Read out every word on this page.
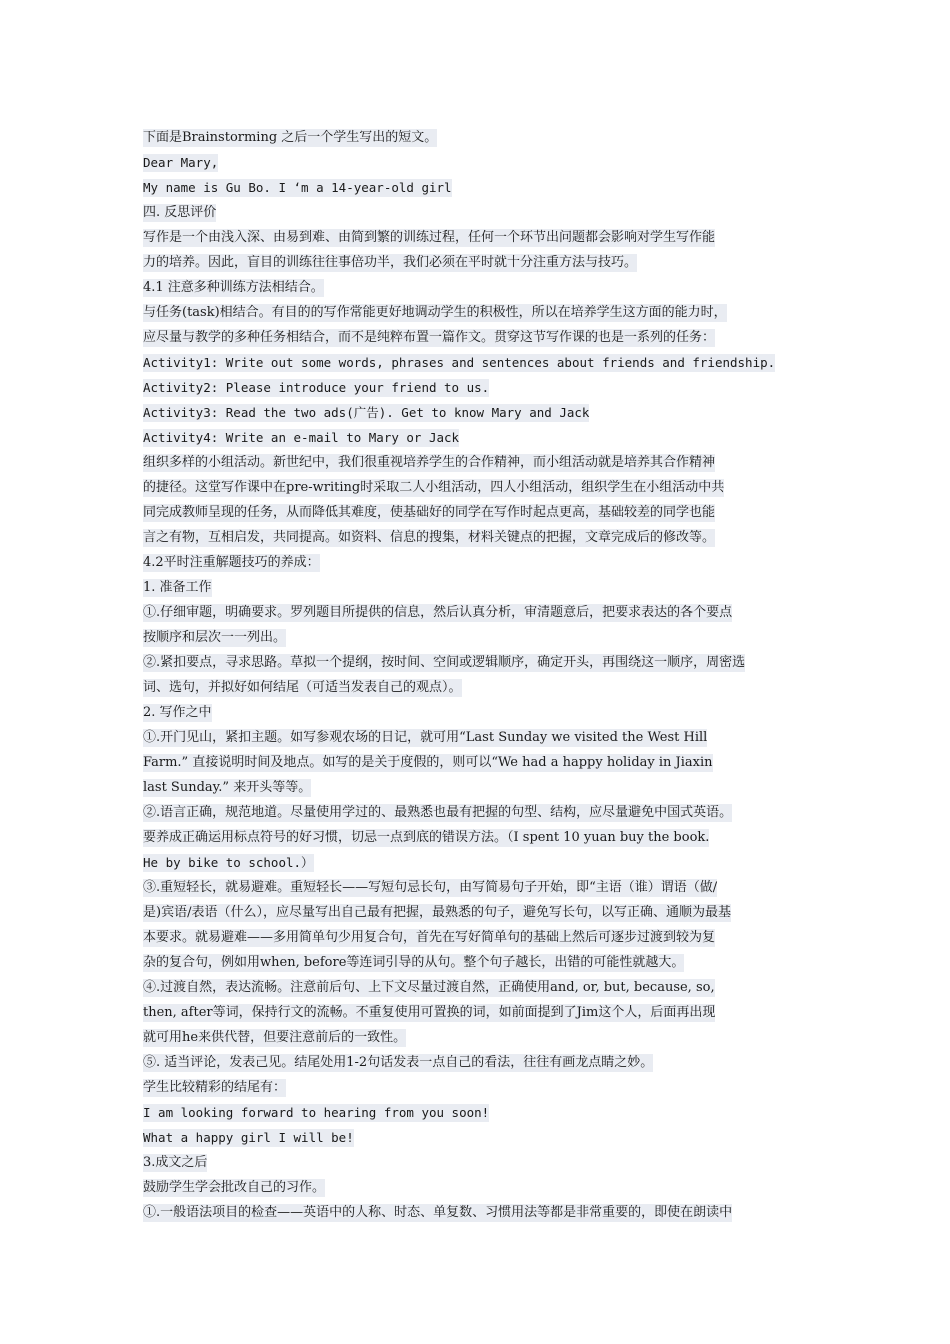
下面是Brainstorming 之后一个学生写出的短文。
Dear Mary,
My name is Gu Bo. I ‘m a 14-year-old girl
四. 反思评价
写作是一个由浅入深、由易到难、由简到繁的训练过程，任何一个环节出问题都会影响对学生写作能
力的培养。因此，盲目的训练往往事倍功半，我们必须在平时就十分注重方法与技巧。
4.1 注意多种训练方法相结合。
与任务(task)相结合。有目的的写作常能更好地调动学生的积极性，所以在培养学生这方面的能力时，
应尽量与教学的多种任务相结合，而不是纯粹布置一篇作文。贯穿这节写作课的也是一系列的任务：
Activity1: Write out some words, phrases and sentences about friends and friendship.
Activity2: Please introduce your friend to us.
Activity3: Read the two ads(广告). Get to know Mary and Jack
Activity4: Write an e-mail to Mary or Jack
组织多样的小组活动。新世纪中，我们很重视培养学生的合作精神，而小组活动就是培养其合作精神
的捷径。这堂写作课中在pre-writing时采取二人小组活动，四人小组活动，组织学生在小组活动中共
同完成教师呈现的任务，从而降低其难度，使基础好的同学在写作时起点更高，基础较差的同学也能
言之有物，互相启发，共同提高。如资料、信息的搜集，材料关键点的把握，文章完成后的修改等。
4.2平时注重解题技巧的养成：
1. 准备工作
①.仔细审题，明确要求。罗列题目所提供的信息，然后认真分析，审清题意后，把要求表达的各个要点
按顺序和层次一一列出。
②.紧扣要点，寻求思路。草拟一个提纲，按时间、空间或逻辑顺序，确定开头，再围绕这一顺序，周密选
词、选句，并拟好如何结尾（可适当发表自己的观点）。
2. 写作之中
①.开门见山，紧扣主题。如写参观农场的日记，就可用“Last Sunday we visited the West Hill
Farm.” 直接说明时间及地点。如写的是关于度假的，则可以“We had a happy holiday in Jiaxin
last Sunday.” 来开头等等。
②.语言正确，规范地道。尽量使用学过的、最熟悉也最有把握的句型、结构，应尽量避免中国式英语。
要养成正确运用标点符号的好习惯，切忌一点到底的错误方法。（I spent 10 yuan buy the book.
He by bike to school.）
③.重短轻长，就易避难。重短轻长——写短句忌长句，由写简易句子开始，即“主语（谁）谓语（做/
是)宾语/表语（什么），应尽量写出自己最有把握，最熟悉的句子，避免写长句，以写正确、通顺为最基
本要求。就易避难——多用简单句少用复合句，首先在写好简单句的基础上然后可逐步过渡到较为复
杂的复合句，例如用when, before等连词引导的从句。整个句子越长，出错的可能性就越大。
④.过渡自然，表达流畅。注意前后句、上下文尽量过渡自然，正确使用and, or, but, because, so,
then, after等词，保持行文的流畅。不重复使用可置换的词，如前面提到了Jim这个人，后面再出现
就可用he来供代替，但要注意前后的一致性。
⑤. 适当评论，发表己见。结尾处用1-2句话发表一点自己的看法，往往有画龙点睛之妙。
学生比较精彩的结尾有：
I am looking forward to hearing from you soon!
What a happy girl I will be!
3.成文之后
鼓励学生学会批改自己的习作。
①.一般语法项目的检查——英语中的人称、时态、单复数、习惯用法等都是非常重要的，即使在朗读中
